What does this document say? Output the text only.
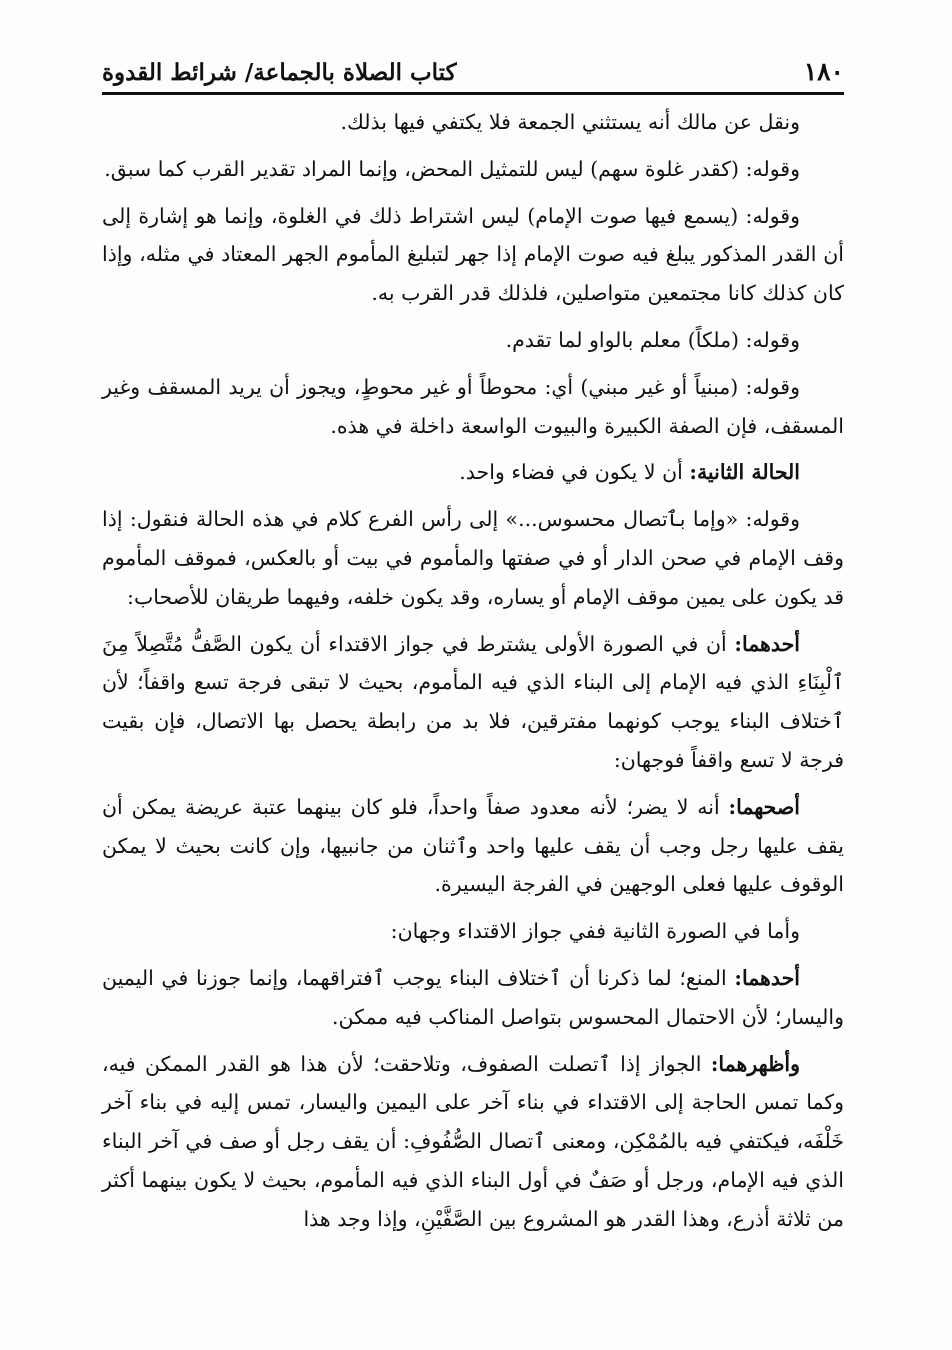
١٨٠
كتاب الصلاة بالجماعة/ شرائط القدوة

ونقل عن مالك أنه يستثني الجمعة فلا يكتفي فيها بذلك.

وقوله: (كقدر غلوة سهم) ليس للتمثيل المحض، وإنما المراد تقدير القرب كما سبق.

وقوله: (يسمع فيها صوت الإمام) ليس اشتراط ذلك في الغلوة، وإنما هو إشارة إلى أن القدر المذكور يبلغ فيه صوت الإمام إذا جهر لتبليغ المأموم الجهر المعتاد في مثله، وإذا كان كذلك كانا مجتمعين متواصلين، فلذلك قدر القرب به.

وقوله: (ملكاً) معلم بالواو لما تقدم.

وقوله: (مبنياً أو غير مبني) أي: محوطاً أو غير محوطٍ، ويجوز أن يريد المسقف وغير المسقف، فإن الصفة الكبيرة والبيوت الواسعة داخلة في هذه.

الحالة الثانية: أن لا يكون في فضاء واحد.

وقوله: «وإما بٱتصال محسوس...» إلى رأس الفرع كلام في هذه الحالة فنقول: إذا وقف الإمام في صحن الدار أو في صفتها والمأموم في بيت أو بالعكس، فموقف المأموم قد يكون على يمين موقف الإمام أو يساره، وقد يكون خلفه، وفيهما طريقان للأصحاب:

أحدهما: أن في الصورة الأولى يشترط في جواز الاقتداء أن يكون الصَّفُّ مُتَّصِلاً مِنَ ٱلْبِنَاءِ الذي فيه الإمام إلى البناء الذي فيه المأموم، بحيث لا تبقى فرجة تسع واقفاً؛ لأن ٱختلاف البناء يوجب كونهما مفترقين، فلا بد من رابطة يحصل بها الاتصال، فإن بقيت فرجة لا تسع واقفاً فوجهان:

أصحهما: أنه لا يضر؛ لأنه معدود صفاً واحداً، فلو كان بينهما عتبة عريضة يمكن أن يقف عليها رجل وجب أن يقف عليها واحد وٱثنان من جانبيها، وإن كانت بحيث لا يمكن الوقوف عليها فعلى الوجهين في الفرجة اليسيرة.

وأما في الصورة الثانية ففي جواز الاقتداء وجهان:

أحدهما: المنع؛ لما ذكرنا أن ٱختلاف البناء يوجب ٱفتراقهما، وإنما جوزنا في اليمين واليسار؛ لأن الاحتمال المحسوس بتواصل المناكب فيه ممكن.

وأظهرهما: الجواز إذا ٱتصلت الصفوف، وتلاحقت؛ لأن هذا هو القدر الممكن فيه، وكما تمس الحاجة إلى الاقتداء في بناء آخر على اليمين واليسار، تمس إليه في بناء آخر خَلْفَه، فيكتفي فيه بالمُمْكِن، ومعنى ٱتصال الصُّفُوفِ: أن يقف رجل أو صف في آخر البناء الذي فيه الإمام، ورجل أو صَفٌ في أول البناء الذي فيه المأموم، بحيث لا يكون بينهما أكثر من ثلاثة أذرع، وهذا القدر هو المشروع بين الصَّفَّيْنِ، وإذا وجد هذا
